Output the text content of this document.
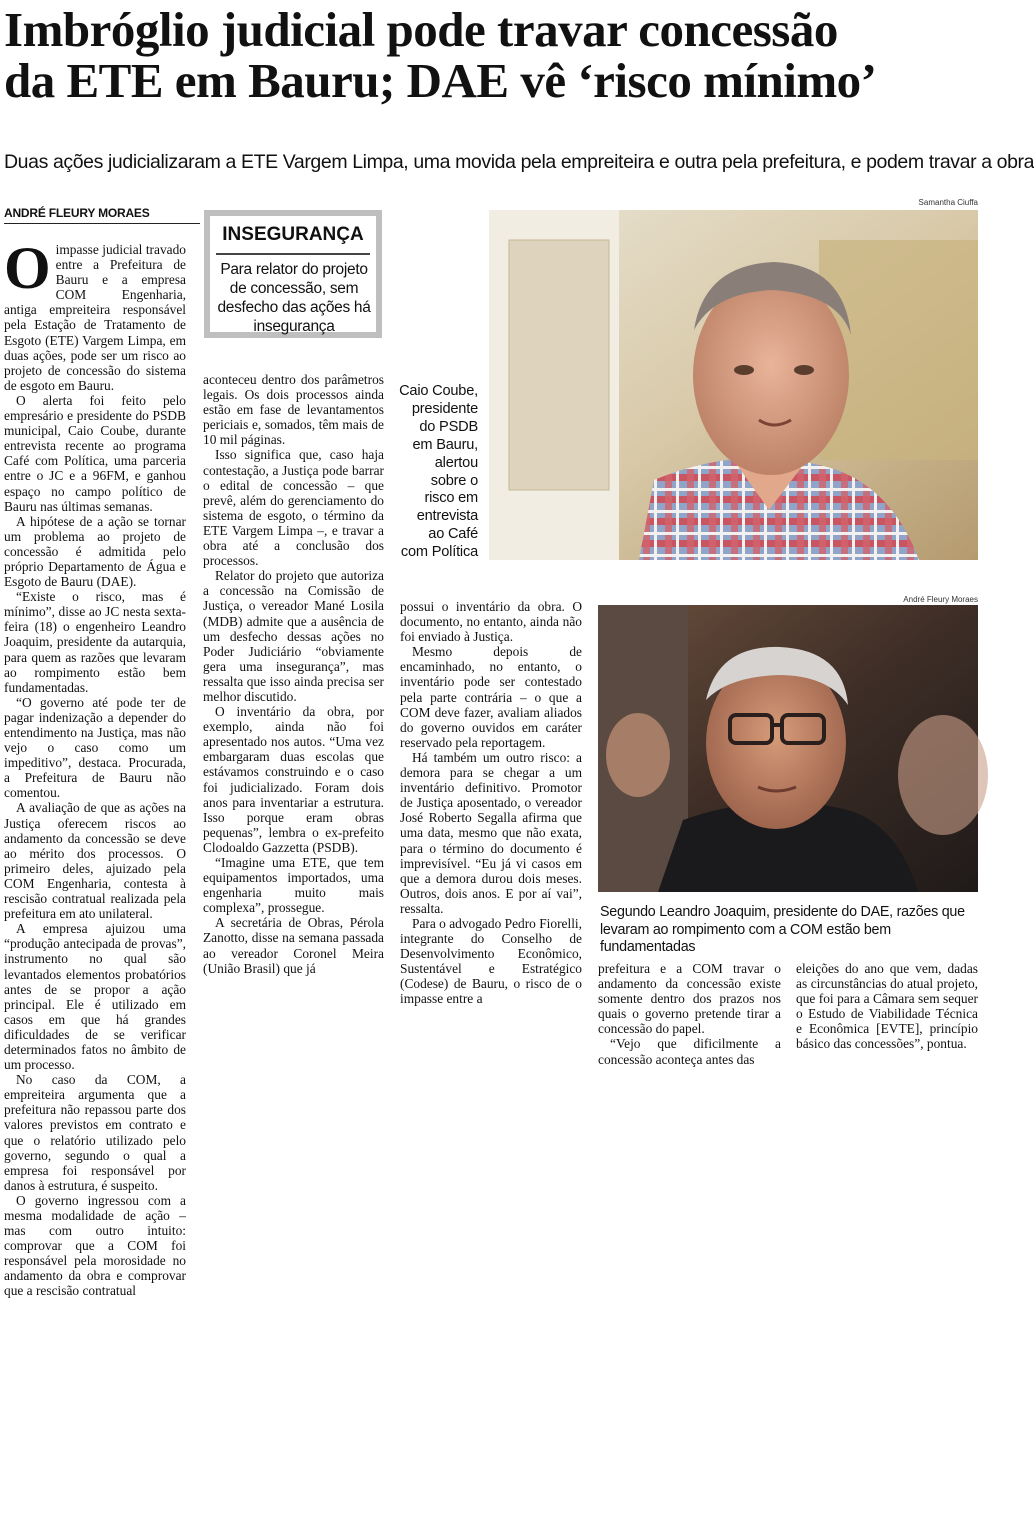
Imbróglio judicial pode travar concessão
da ETE em Bauru; DAE vê ‘risco mínimo’
Duas ações judicializaram a ETE Vargem Limpa, uma movida pela empreiteira e outra pela prefeitura, e podem travar a obra
ANDRÉ FLEURY MORAES
O impasse judicial travado entre a Prefeitura de Bauru e a empresa COM Engenharia, antiga empreiteira responsável pela Estação de Tratamento de Esgoto (ETE) Vargem Limpa, em duas ações, pode ser um risco ao projeto de concessão do sistema de esgoto em Bauru.

O alerta foi feito pelo empresário e presidente do PSDB municipal, Caio Coube, durante entrevista recente ao programa Café com Política, uma parceria entre o JC e a 96FM, e ganhou espaço no campo político de Bauru nas últimas semanas.

A hipótese de a ação se tornar um problema ao projeto de concessão é admitida pelo próprio Departamento de Água e Esgoto de Bauru (DAE).

“Existe o risco, mas é mínimo”, disse ao JC nesta sexta-feira (18) o engenheiro Leandro Joaquim, presidente da autarquia, para quem as razões que levaram ao rompimento estão bem fundamentadas.

“O governo até pode ter de pagar indenização a depender do entendimento na Justiça, mas não vejo o caso como um impeditivo”, destaca. Procurada, a Prefeitura de Bauru não comentou.

A avaliação de que as ações na Justiça oferecem riscos ao andamento da concessão se deve ao mérito dos processos. O primeiro deles, ajuizado pela COM Engenharia, contesta à rescisão contratual realizada pela prefeitura em ato unilateral.

A empresa ajuizou uma “produção antecipada de provas”, instrumento no qual são levantados elementos probatórios antes de se propor a ação principal. Ele é utilizado em casos em que há grandes dificuldades de se verificar determinados fatos no âmbito de um processo.

No caso da COM, a empreiteira argumenta que a prefeitura não repassou parte dos valores previstos em contrato e que o relatório utilizado pelo governo, segundo o qual a empresa foi responsável por danos à estrutura, é suspeito.

O governo ingressou com a mesma modalidade de ação – mas com outro intuito: comprovar que a COM foi responsável pela morosidade no andamento da obra e comprovar que a rescisão contratual

INSEGURANÇA
Para relator do projeto de concessão, sem desfecho das ações há insegurança

aconteceu dentro dos parâmetros legais. Os dois processos ainda estão em fase de levantamentos periciais e, somados, têm mais de 10 mil páginas.

Isso significa que, caso haja contestação, a Justiça pode barrar o edital de concessão – que prevê, além do gerenciamento do sistema de esgoto, o término da ETE Vargem Limpa –, e travar a obra até a conclusão dos processos.

Relator do projeto que autoriza a concessão na Comissão de Justiça, o vereador Mané Losila (MDB) admite que a ausência de um desfecho dessas ações no Poder Judiciário “obviamente gera uma insegurança”, mas ressalta que isso ainda precisa ser melhor discutido.

O inventário da obra, por exemplo, ainda não foi apresentado nos autos. “Uma vez embargaram duas escolas que estávamos construindo e o caso foi judicializado. Foram dois anos para inventariar a estrutura. Isso porque eram obras pequenas”, lembra o ex-prefeito Clodoaldo Gazzetta (PSDB).

“Imagine uma ETE, que tem equipamentos importados, uma engenharia muito mais complexa”, prossegue.

A secretária de Obras, Pérola Zanotto, disse na semana passada ao vereador Coronel Meira (União Brasil) que já

Samantha Ciuffa
Caio Coube, presidente do PSDB em Bauru, alertou sobre o risco em entrevista ao Café com Política

possui o inventário da obra. O documento, no entanto, ainda não foi enviado à Justiça.

Mesmo depois de encaminhado, no entanto, o inventário pode ser contestado pela parte contrária – o que a COM deve fazer, avaliam aliados do governo ouvidos em caráter reservado pela reportagem.

Há também um outro risco: a demora para se chegar a um inventário definitivo. Promotor de Justiça aposentado, o vereador José Roberto Segalla afirma que uma data, mesmo que não exata, para o término do documento é imprevisível. “Eu já vi casos em que a demora durou dois meses. Outros, dois anos. E por aí vai”, ressalta.

Para o advogado Pedro Fiorelli, integrante do Conselho de Desenvolvimento Econômico, Sustentável e Estratégico (Codese) de Bauru, o risco de o impasse entre a

André Fleury Moraes
Segundo Leandro Joaquim, presidente do DAE, razões que levaram ao rompimento com a COM estão bem fundamentadas

prefeitura e a COM travar o andamento da concessão existe somente dentro dos prazos nos quais o governo pretende tirar a concessão do papel.

“Vejo que dificilmente a concessão aconteça antes das

eleições do ano que vem, dadas as circunstâncias do atual projeto, que foi para a Câmara sem sequer o Estudo de Viabilidade Técnica e Econômica [EVTE], princípio básico das concessões”, pontua.
